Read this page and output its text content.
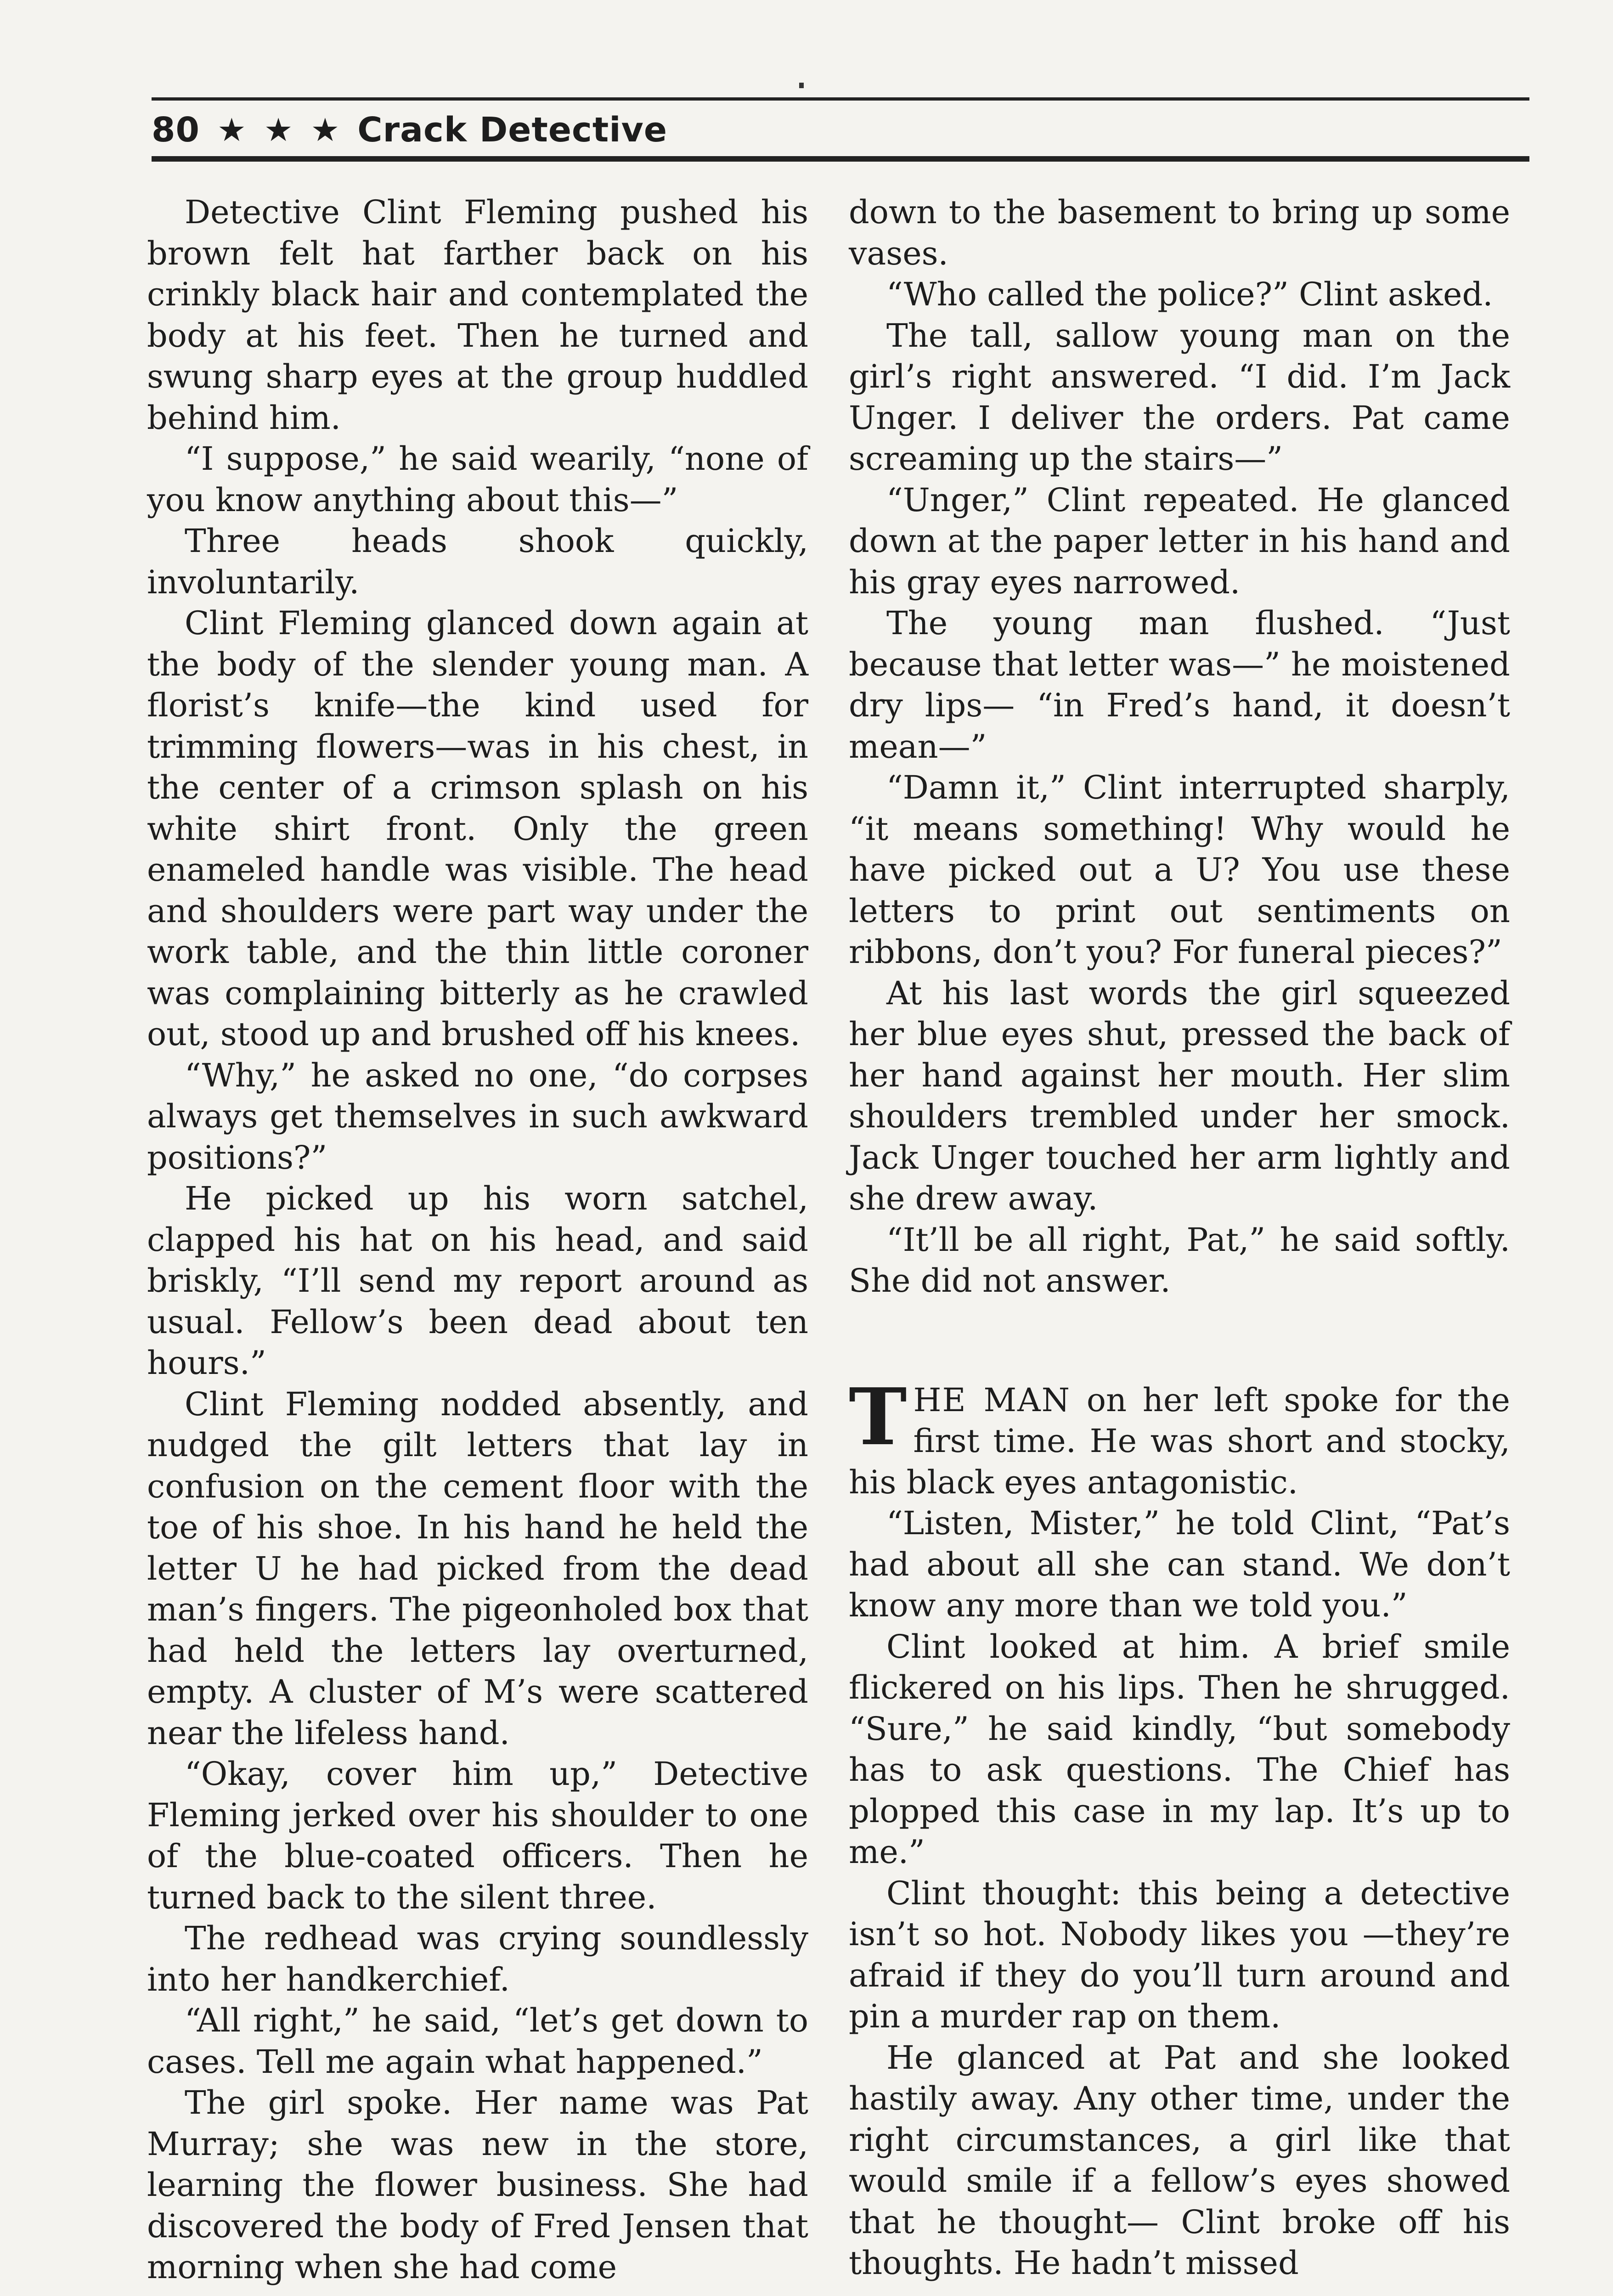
80 ★ ★ ★ Crack Detective

Detective Clint Fleming pushed his brown felt hat farther back on his crinkly black hair and contemplated the body at his feet. Then he turned and swung sharp eyes at the group huddled behind him.

“I suppose,” he said wearily, “none of you know anything about this—”

Three heads shook quickly, involuntarily.

Clint Fleming glanced down again at the body of the slender young man. A florist’s knife—the kind used for trimming flowers—was in his chest, in the center of a crimson splash on his white shirt front. Only the green enameled handle was visible. The head and shoulders were part way under the work table, and the thin little coroner was complaining bitterly as he crawled out, stood up and brushed off his knees.

“Why,” he asked no one, “do corpses always get themselves in such awkward positions?”

He picked up his worn satchel, clapped his hat on his head, and said briskly, “I’ll send my report around as usual. Fellow’s been dead about ten hours.”

Clint Fleming nodded absently, and nudged the gilt letters that lay in confusion on the cement floor with the toe of his shoe. In his hand he held the letter U he had picked from the dead man’s fingers. The pigeonholed box that had held the letters lay overturned, empty. A cluster of M’s were scattered near the lifeless hand.

“Okay, cover him up,” Detective Fleming jerked over his shoulder to one of the blue-coated officers. Then he turned back to the silent three.

The redhead was crying soundlessly into her handkerchief.

“All right,” he said, “let’s get down to cases. Tell me again what happened.”

The girl spoke. Her name was Pat Murray; she was new in the store, learning the flower business. She had discovered the body of Fred Jensen that morning when she had come

down to the basement to bring up some vases.

“Who called the police?” Clint asked.

The tall, sallow young man on the girl’s right answered. “I did. I’m Jack Unger. I deliver the orders. Pat came screaming up the stairs—”

“Unger,” Clint repeated. He glanced down at the paper letter in his hand and his gray eyes narrowed.

The young man flushed. “Just because that letter was—” he moistened dry lips— “in Fred’s hand, it doesn’t mean—”

“Damn it,” Clint interrupted sharply, “it means something! Why would he have picked out a U? You use these letters to print out sentiments on ribbons, don’t you? For funeral pieces?”

At his last words the girl squeezed her blue eyes shut, pressed the back of her hand against her mouth. Her slim shoulders trembled under her smock. Jack Unger touched her arm lightly and she drew away.

“It’ll be all right, Pat,” he said softly. She did not answer.

THE MAN on her left spoke for the first time. He was short and stocky, his black eyes antagonistic.

“Listen, Mister,” he told Clint, “Pat’s had about all she can stand. We don’t know any more than we told you.”

Clint looked at him. A brief smile flickered on his lips. Then he shrugged. “Sure,” he said kindly, “but somebody has to ask questions. The Chief has plopped this case in my lap. It’s up to me.”

Clint thought: this being a detective isn’t so hot. Nobody likes you —they’re afraid if they do you’ll turn around and pin a murder rap on them.

He glanced at Pat and she looked hastily away. Any other time, under the right circumstances, a girl like that would smile if a fellow’s eyes showed that he thought— Clint broke off his thoughts. He hadn’t missed
